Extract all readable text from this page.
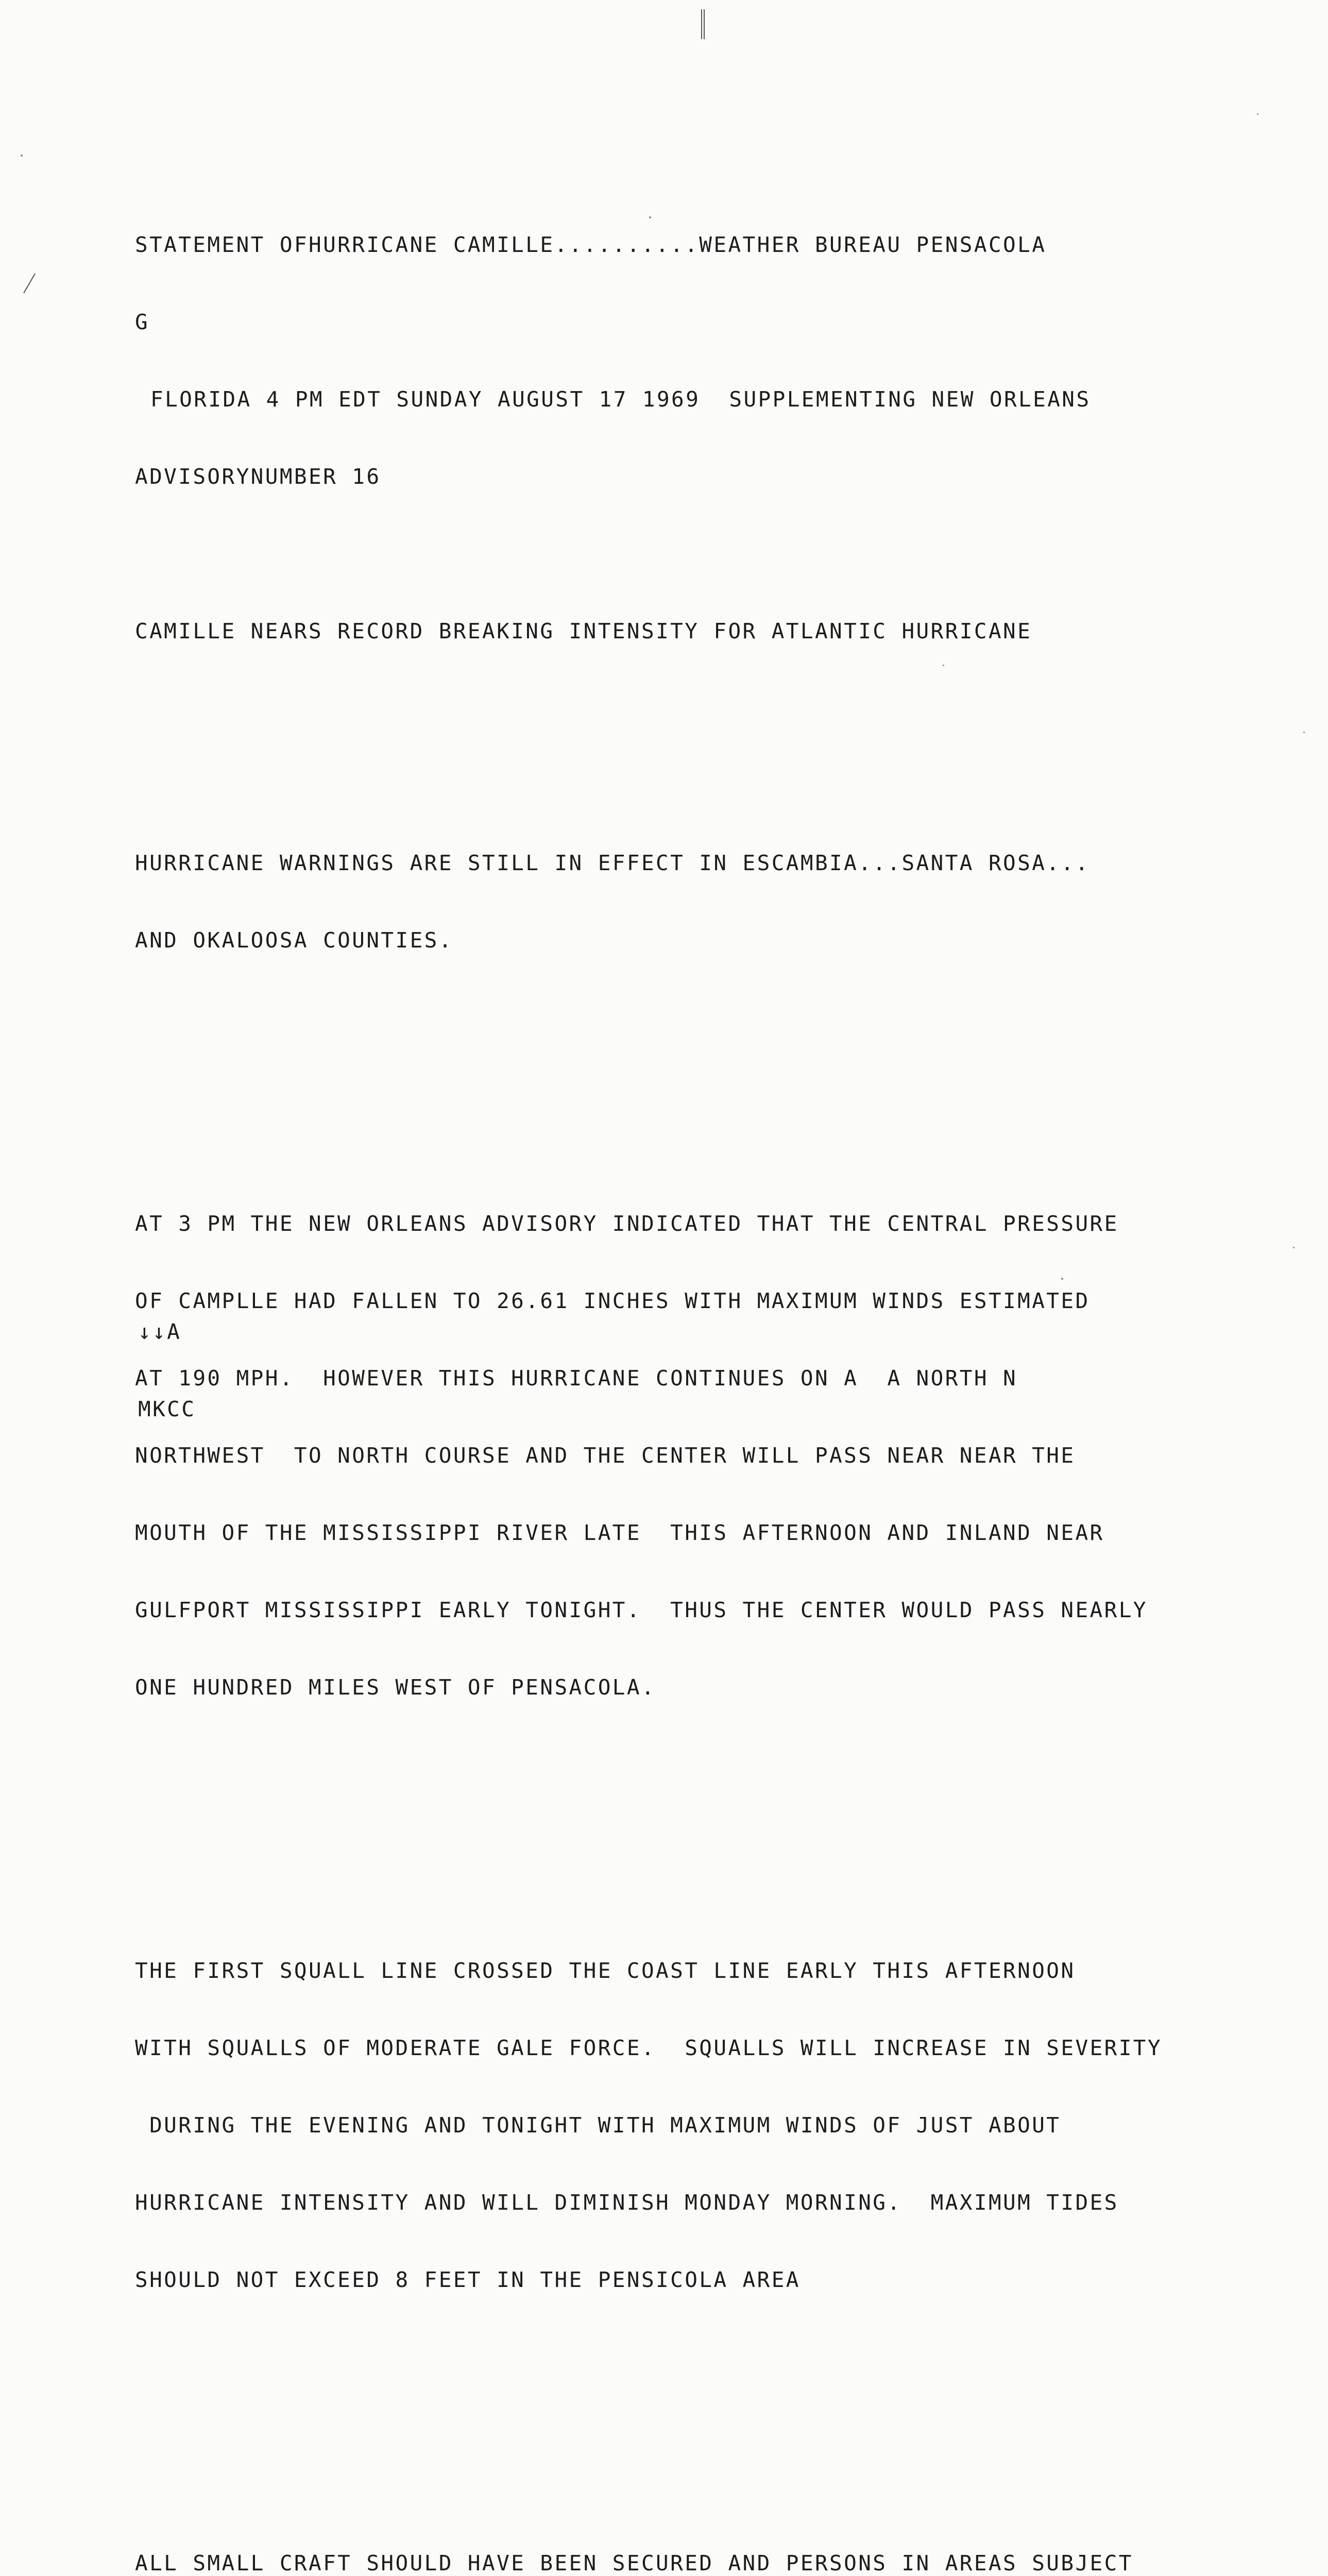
STATEMENT OFHURRICANE CAMILLE..........WEATHER BUREAU PENSACOLA

G

FLORIDA 4 PM EDT SUNDAY AUGUST 17 1969  SUPPLEMENTING NEW ORLEANS

ADVISORYNUMBER 16

CAMILLE NEARS RECORD BREAKING INTENSITY FOR ATLANTIC HURRICANE

HURRICANE WARNINGS ARE STILL IN EFFECT IN ESCAMBIA...SANTA ROSA...

AND OKALOOSA COUNTIES.

AT 3 PM THE NEW ORLEANS ADVISORY INDICATED THAT THE CENTRAL PRESSURE

OF CAMPLLE HAD FALLEN TO 26.61 INCHES WITH MAXIMUM WINDS ESTIMATED

AT 190 MPH.  HOWEVER THIS HURRICANE CONTINUES ON A  A NORTH N

NORTHWEST  TO NORTH COURSE AND THE CENTER WILL PASS NEAR NEAR THE

MOUTH OF THE MISSISSIPPI RIVER LATE  THIS AFTERNOON AND INLAND NEAR

GULFPORT MISSISSIPPI EARLY TONIGHT.  THUS THE CENTER WOULD PASS NEARLY

ONE HUNDRED MILES WEST OF PENSACOLA.

THE FIRST SQUALL LINE CROSSED THE COAST LINE EARLY THIS AFTERNOON

WITH SQUALLS OF MODERATE GALE FORCE.  SQUALLS WILL INCREASE IN SEVERITY

DURING THE EVENING AND TONIGHT WITH MAXIMUM WINDS OF JUST ABOUT

HURRICANE INTENSITY AND WILL DIMINISH MONDAY MORNING.  MAXIMUM TIDES

SHOULD NOT EXCEED 8 FEET IN THE PENSICOLA AREA

ALL SMALL CRAFT SHOULD HAVE BEEN SECURED AND PERSONS IN AREAS SUBJECT

↓↓A

MKCC
